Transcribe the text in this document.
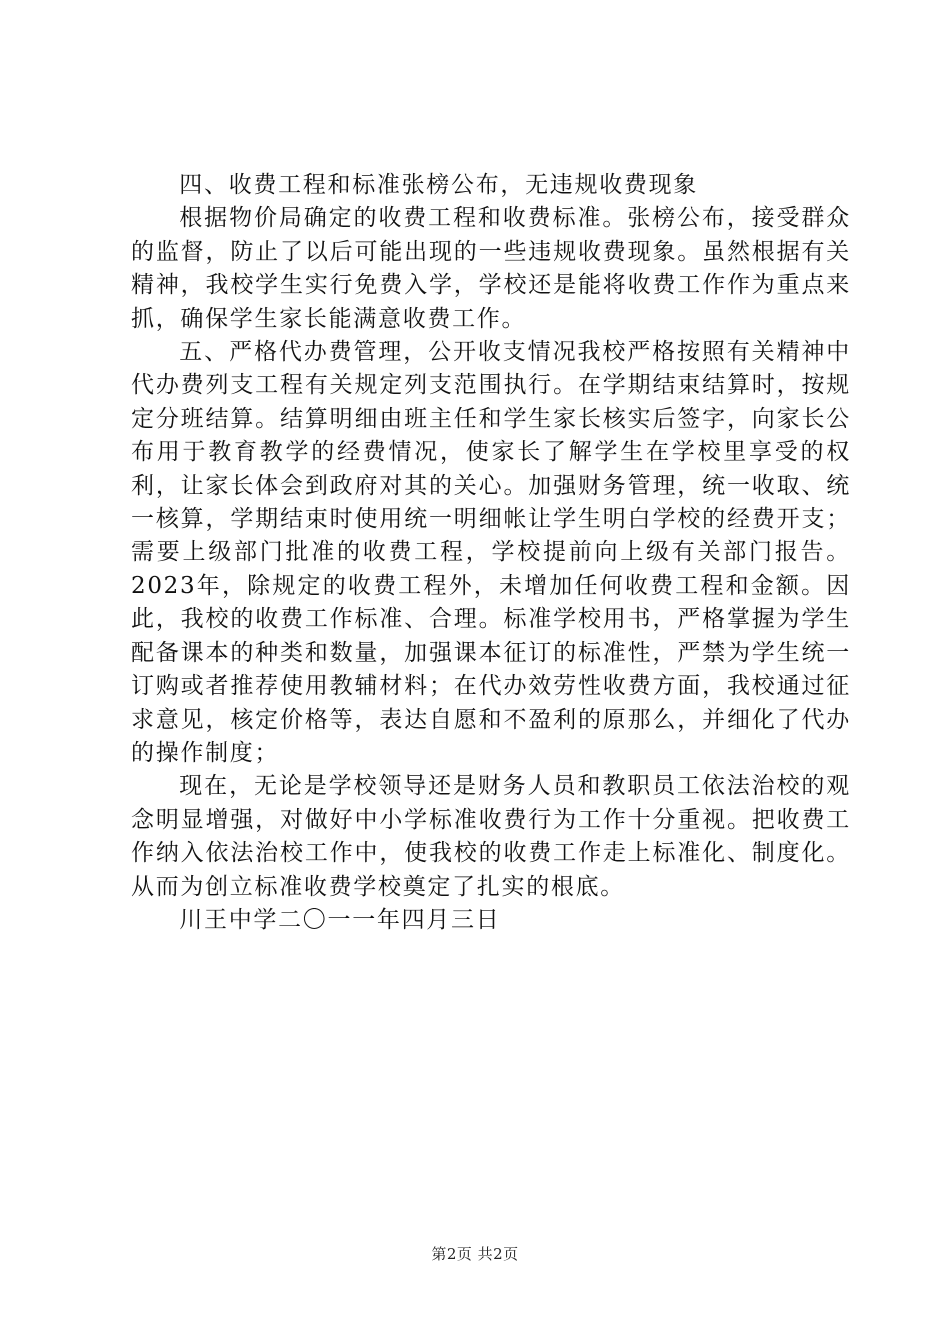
四、收费工程和标准张榜公布，无违规收费现象

根据物价局确定的收费工程和收费标准。张榜公布，接受群众的监督，防止了以后可能出现的一些违规收费现象。虽然根据有关精神，我校学生实行免费入学，学校还是能将收费工作作为重点来抓，确保学生家长能满意收费工作。

五、严格代办费管理，公开收支情况我校严格按照有关精神中代办费列支工程有关规定列支范围执行。在学期结束结算时，按规定分班结算。结算明细由班主任和学生家长核实后签字，向家长公布用于教育教学的经费情况，使家长了解学生在学校里享受的权利，让家长体会到政府对其的关心。加强财务管理，统一收取、统一核算，学期结束时使用统一明细帐让学生明白学校的经费开支；需要上级部门批准的收费工程，学校提前向上级有关部门报告。2023年，除规定的收费工程外，未增加任何收费工程和金额。因此，我校的收费工作标准、合理。标准学校用书，严格掌握为学生配备课本的种类和数量，加强课本征订的标准性，严禁为学生统一订购或者推荐使用教辅材料；在代办效劳性收费方面，我校通过征求意见，核定价格等，表达自愿和不盈利的原那么，并细化了代办的操作制度；

现在，无论是学校领导还是财务人员和教职员工依法治校的观念明显增强，对做好中小学标准收费行为工作十分重视。把收费工作纳入依法治校工作中，使我校的收费工作走上标准化、制度化。从而为创立标准收费学校奠定了扎实的根底。

川王中学二〇一一年四月三日

第2页 共2页
